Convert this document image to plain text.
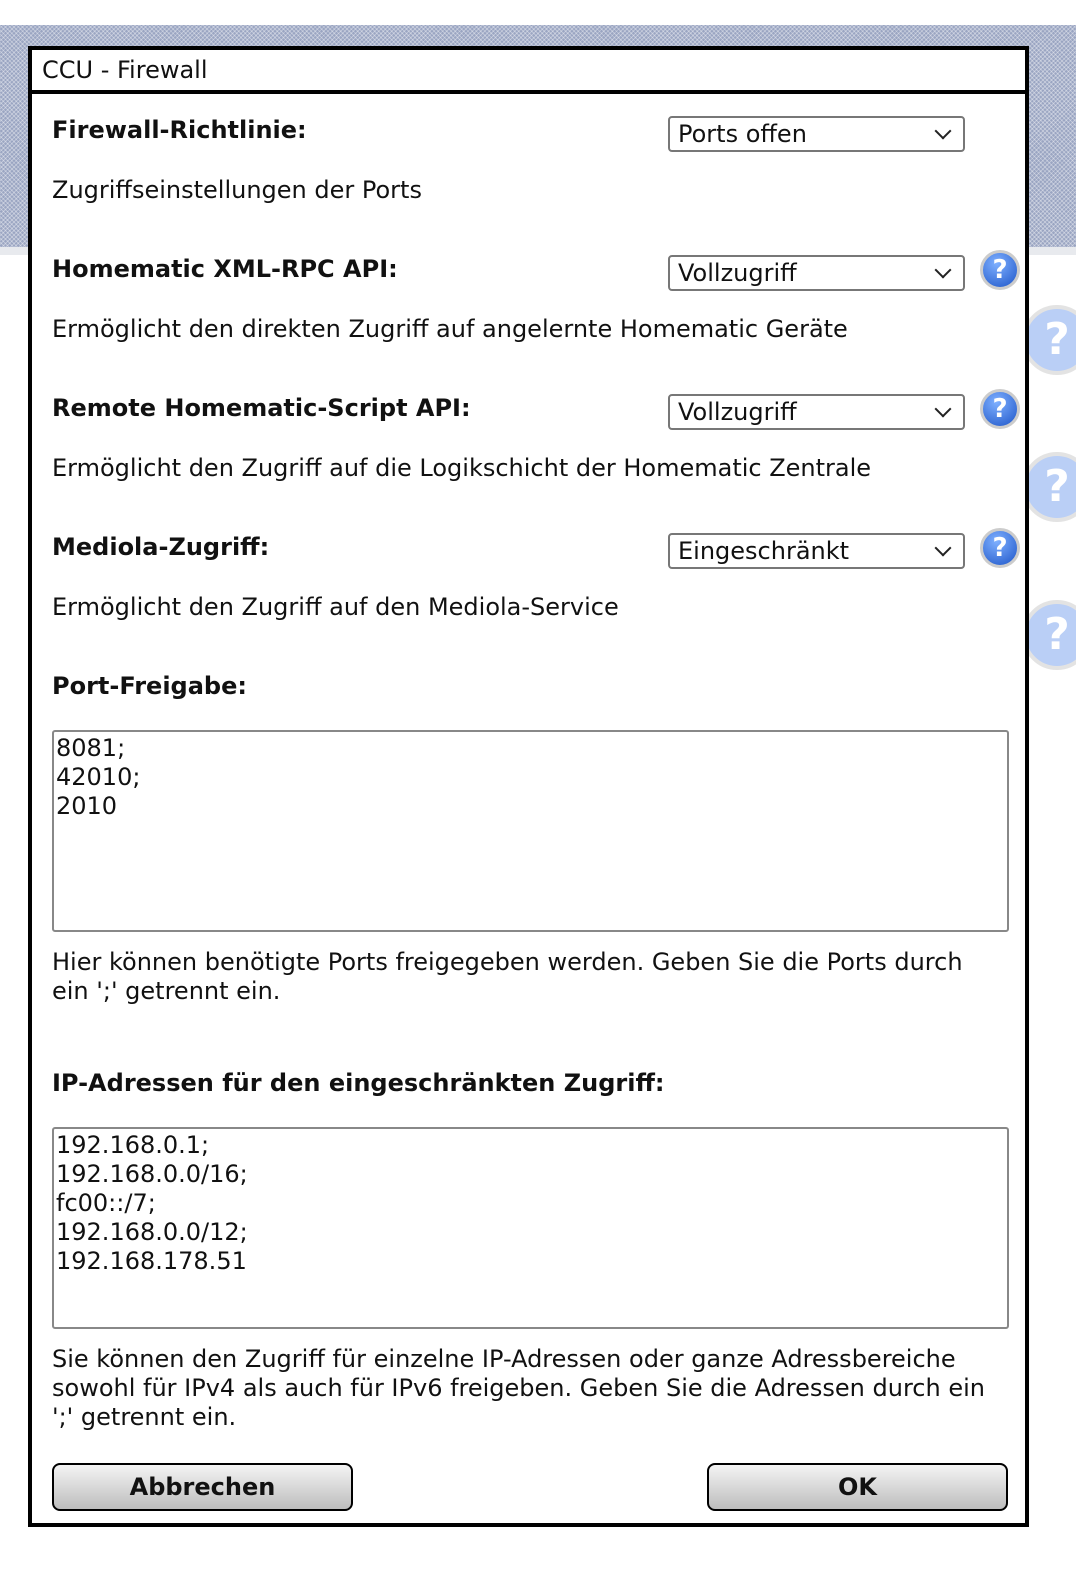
?
?
?
CCU - Firewall
Firewall-Richtlinie:	Ports offen
Zugriffseinstellungen der Ports
Homematic XML-RPC API:	Vollzugriff	?
Ermöglicht den direkten Zugriff auf angelernte Homematic Geräte
Remote Homematic-Script API:	Vollzugriff	?
Ermöglicht den Zugriff auf die Logikschicht der Homematic Zentrale
Mediola-Zugriff:	Eingeschränkt	?
Ermöglicht den Zugriff auf den Mediola-Service
Port-Freigabe:
8081;
42010;
2010
Hier können benötigte Ports freigegeben werden. Geben Sie die Ports durch ein ';' getrennt ein.
IP-Adressen für den eingeschränkten Zugriff:
192.168.0.1;
192.168.0.0/16;
fc00::/7;
192.168.0.0/12;
192.168.178.51
Sie können den Zugriff für einzelne IP-Adressen oder ganze Adressbereiche sowohl für IPv4 als auch für IPv6 freigeben. Geben Sie die Adressen durch ein ';' getrennt ein.
Abbrechen	OK
